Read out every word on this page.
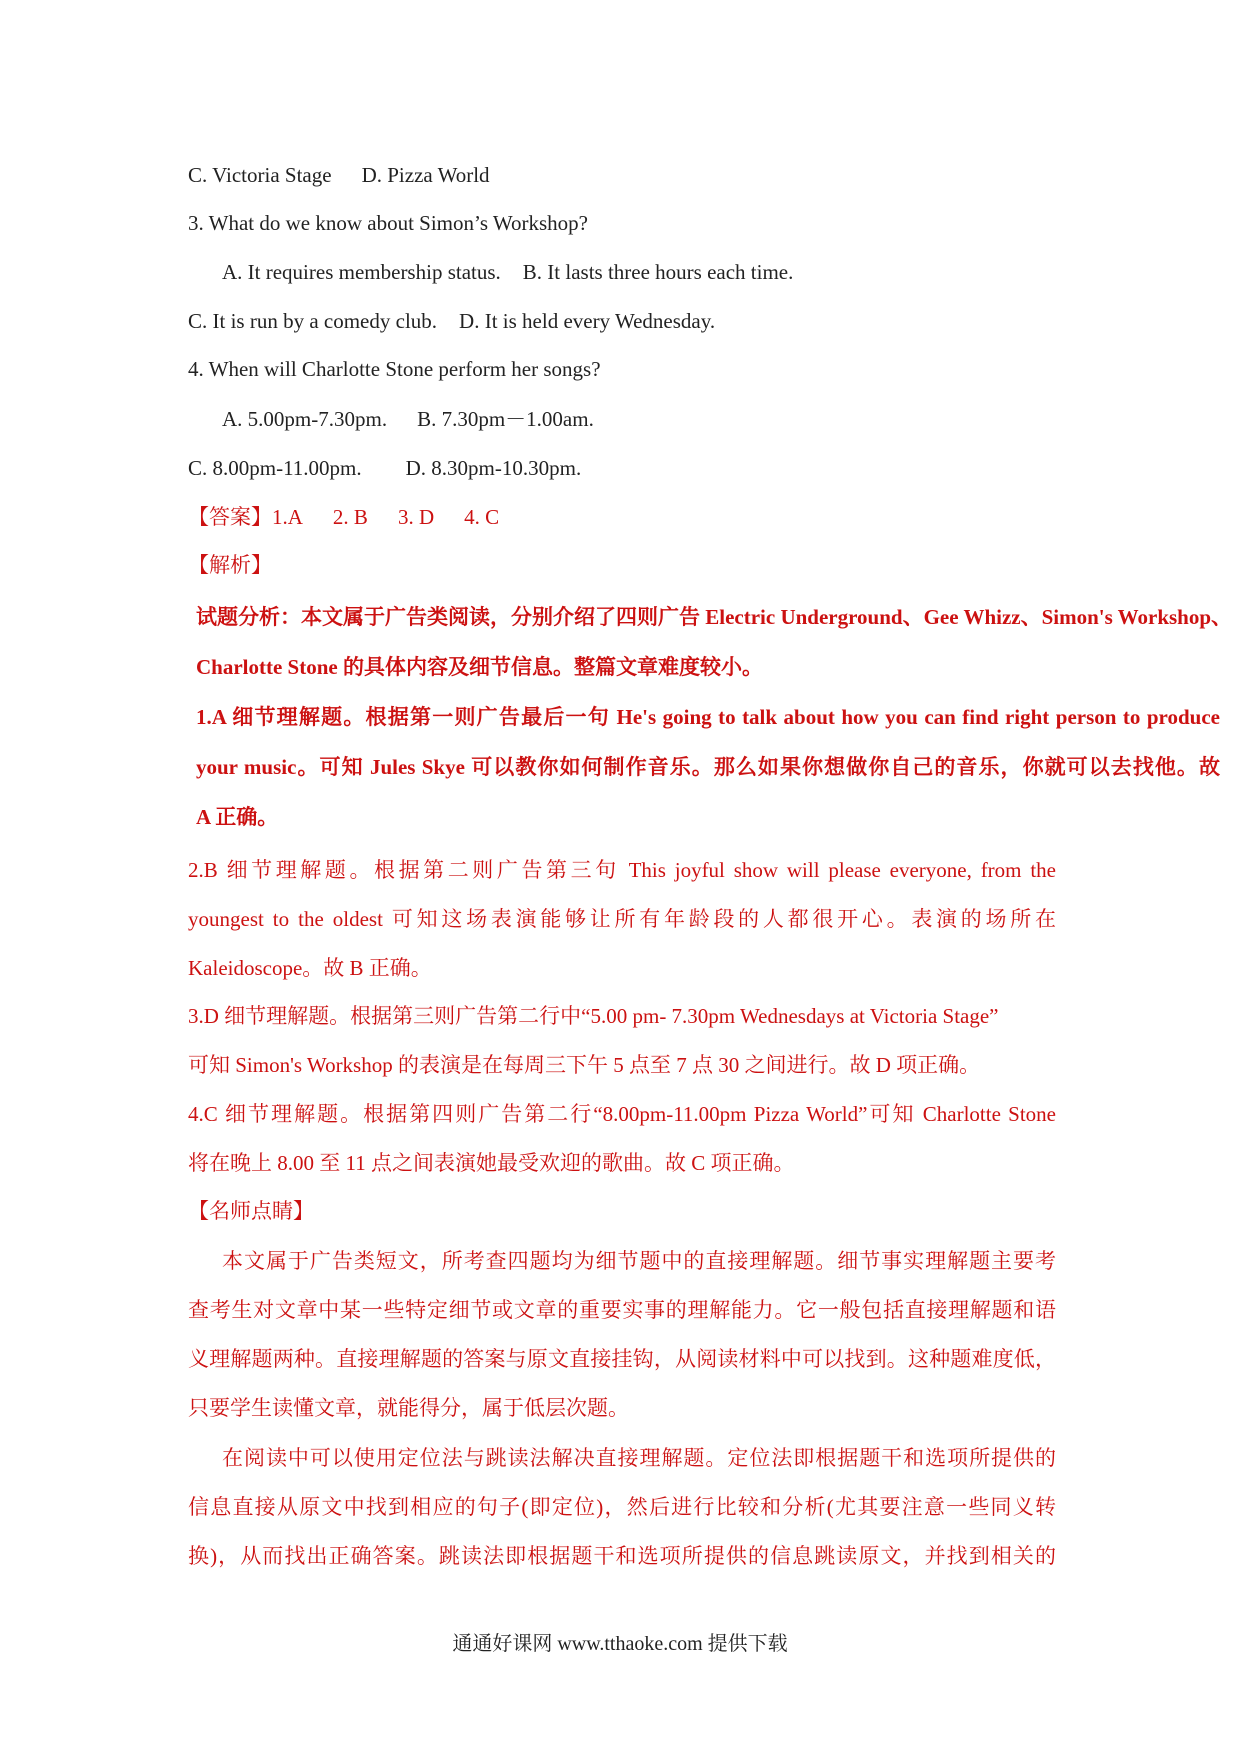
C. Victoria Stage D. Pizza World
3. What do we know about Simon’s Workshop?
A. It requires membership status. B. It lasts three hours each time.
C. It is run by a comedy club. D. It is held every Wednesday.
4. When will Charlotte Stone perform her songs?
A. 5.00pm-7.30pm. B. 7.30pm－1.00am.
C. 8.00pm-11.00pm. D. 8.30pm-10.30pm.
【答案】1.A 2. B 3. D 4. C
【解析】
试题分析：本文属于广告类阅读，分别介绍了四则广告 Electric Underground、Gee Whizz、Simon's Workshop、
Charlotte Stone 的具体内容及细节信息。整篇文章难度较小。
1.A 细节理解题。根据第一则广告最后一句 He's going to talk about how you can find right person to produce
your music。可知 Jules Skye 可以教你如何制作音乐。那么如果你想做你自己的音乐，你就可以去找他。故
A 正确。
2.B 细节理解题。根据第二则广告第三句 This joyful show will please everyone, from the
youngest to the oldest 可知这场表演能够让所有年龄段的人都很开心。表演的场所在
Kaleidoscope。故 B 正确。
3.D 细节理解题。根据第三则广告第二行中“5.00 pm- 7.30pm Wednesdays at Victoria Stage”
可知 Simon's Workshop 的表演是在每周三下午 5 点至 7 点 30 之间进行。故 D 项正确。
4.C 细节理解题。根据第四则广告第二行“8.00pm-11.00pm Pizza World”可知 Charlotte Stone
将在晚上 8.00 至 11 点之间表演她最受欢迎的歌曲。故 C 项正确。
【名师点睛】
本文属于广告类短文，所考查四题均为细节题中的直接理解题。细节事实理解题主要考
查考生对文章中某一些特定细节或文章的重要实事的理解能力。它一般包括直接理解题和语
义理解题两种。直接理解题的答案与原文直接挂钩，从阅读材料中可以找到。这种题难度低，
只要学生读懂文章，就能得分，属于低层次题。
在阅读中可以使用定位法与跳读法解决直接理解题。定位法即根据题干和选项所提供的
信息直接从原文中找到相应的句子(即定位)，然后进行比较和分析(尤其要注意一些同义转
换)，从而找出正确答案。跳读法即根据题干和选项所提供的信息跳读原文，并找到相关的
通通好课网 www.tthaoke.com 提供下载
